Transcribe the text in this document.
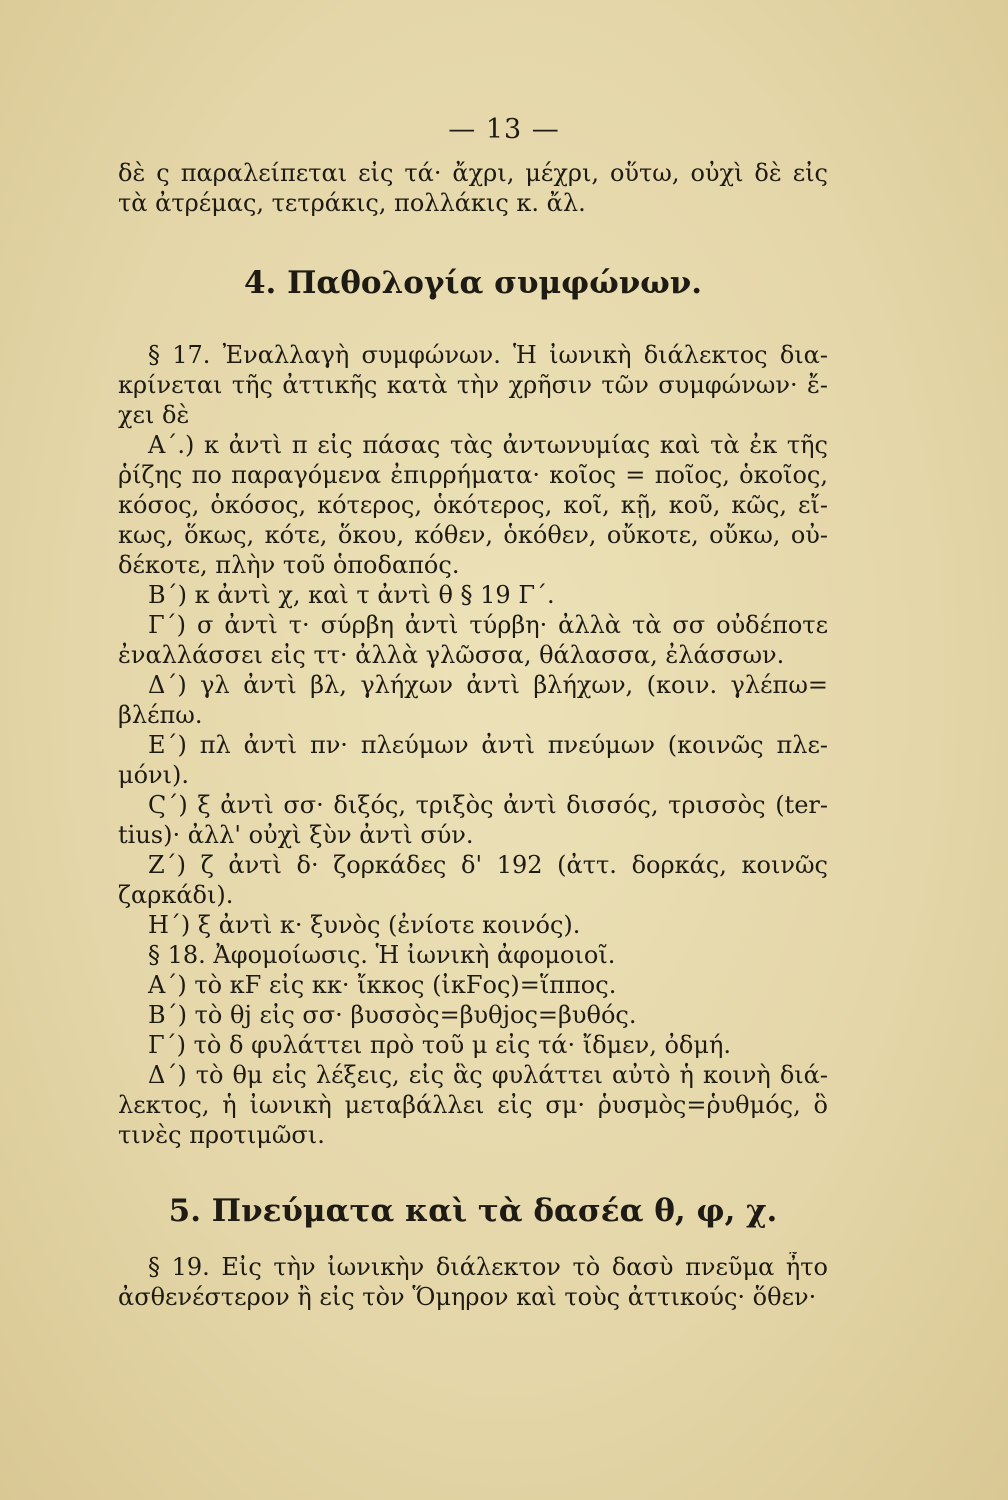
— 13 —
δὲ ς παραλείπεται εἰς τά· ἄχρι, μέχρι, οὕτω, οὐχὶ δὲ εἰς
τὰ ἀτρέμας, τετράκις, πολλάκις κ. ἄλ.
4. Παθολογία συμφώνων.
§ 17. Ἐναλλαγὴ συμφώνων. Ἡ ἰωνικὴ διάλεκτος δια-
κρίνεται τῆς ἀττικῆς κατὰ τὴν χρῆσιν τῶν συμφώνων· ἔ-
χει δὲ
Α΄.) κ ἀντὶ π εἰς πάσας τὰς ἀντωνυμίας καὶ τὰ ἐκ τῆς
ῥίζης πο παραγόμενα ἐπιρρήματα· κοῖος = ποῖος, ὁκοῖος,
κόσος, ὁκόσος, κότερος, ὁκότερος, κοῖ, κῇ, κοῦ, κῶς, εἴ-
κως, ὅκως, κότε, ὅκου, κόθεν, ὁκόθεν, οὔκοτε, οὔκω, οὐ-
δέκοτε, πλὴν τοῦ ὁποδαπός.
Β΄) κ ἀντὶ χ, καὶ τ ἀντὶ θ § 19 Γ΄.
Γ΄) σ ἀντὶ τ· σύρβη ἀντὶ τύρβη· ἀλλὰ τὰ σσ οὐδέποτε
ἐναλλάσσει εἰς ττ· ἀλλὰ γλῶσσα, θάλασσα, ἐλάσσων.
Δ΄) γλ ἀντὶ βλ, γλήχων ἀντὶ βλήχων, (κοιν. γλέπω=
βλέπω.
Ε΄) πλ ἀντὶ πν· πλεύμων ἀντὶ πνεύμων (κοινῶς πλε-
μόνι).
Ϛ΄) ξ ἀντὶ σσ· διξός, τριξὸς ἀντὶ δισσός, τρισσὸς (ter-
tius)· ἀλλ' οὐχὶ ξὺν ἀντὶ σύν.
Ζ΄) ζ ἀντὶ δ· ζορκάδες δ' 192 (ἀττ. δορκάς, κοινῶς
ζαρκάδι).
Η΄) ξ ἀντὶ κ· ξυνὸς (ἐνίοτε κοινός).
§ 18. Ἀφομοίωσις. Ἡ ἰωνικὴ ἀφομοιοῖ.
Α΄) τὸ κϜ εἰς κκ· ἴκκος (ἰκϜος)=ἵππος.
Β΄) τὸ θj εἰς σσ· βυσσὸς=βυθjος=βυθός.
Γ΄) τὸ δ φυλάττει πρὸ τοῦ μ εἰς τά· ἴδμεν, ὀδμή.
Δ΄) τὸ θμ εἰς λέξεις, εἰς ἃς φυλάττει αὐτὸ ἡ κοινὴ διά-
λεκτος, ἡ ἰωνικὴ μεταβάλλει εἰς σμ· ῥυσμὸς=ῥυθμός, ὃ
τινὲς προτιμῶσι.
5. Πνεύματα καὶ τὰ δασέα θ, φ, χ.
§ 19. Εἰς τὴν ἰωνικὴν διάλεκτον τὸ δασὺ πνεῦμα ἦτο
ἀσθενέστερον ἢ εἰς τὸν Ὅμηρον καὶ τοὺς ἀττικούς· ὅθεν·
